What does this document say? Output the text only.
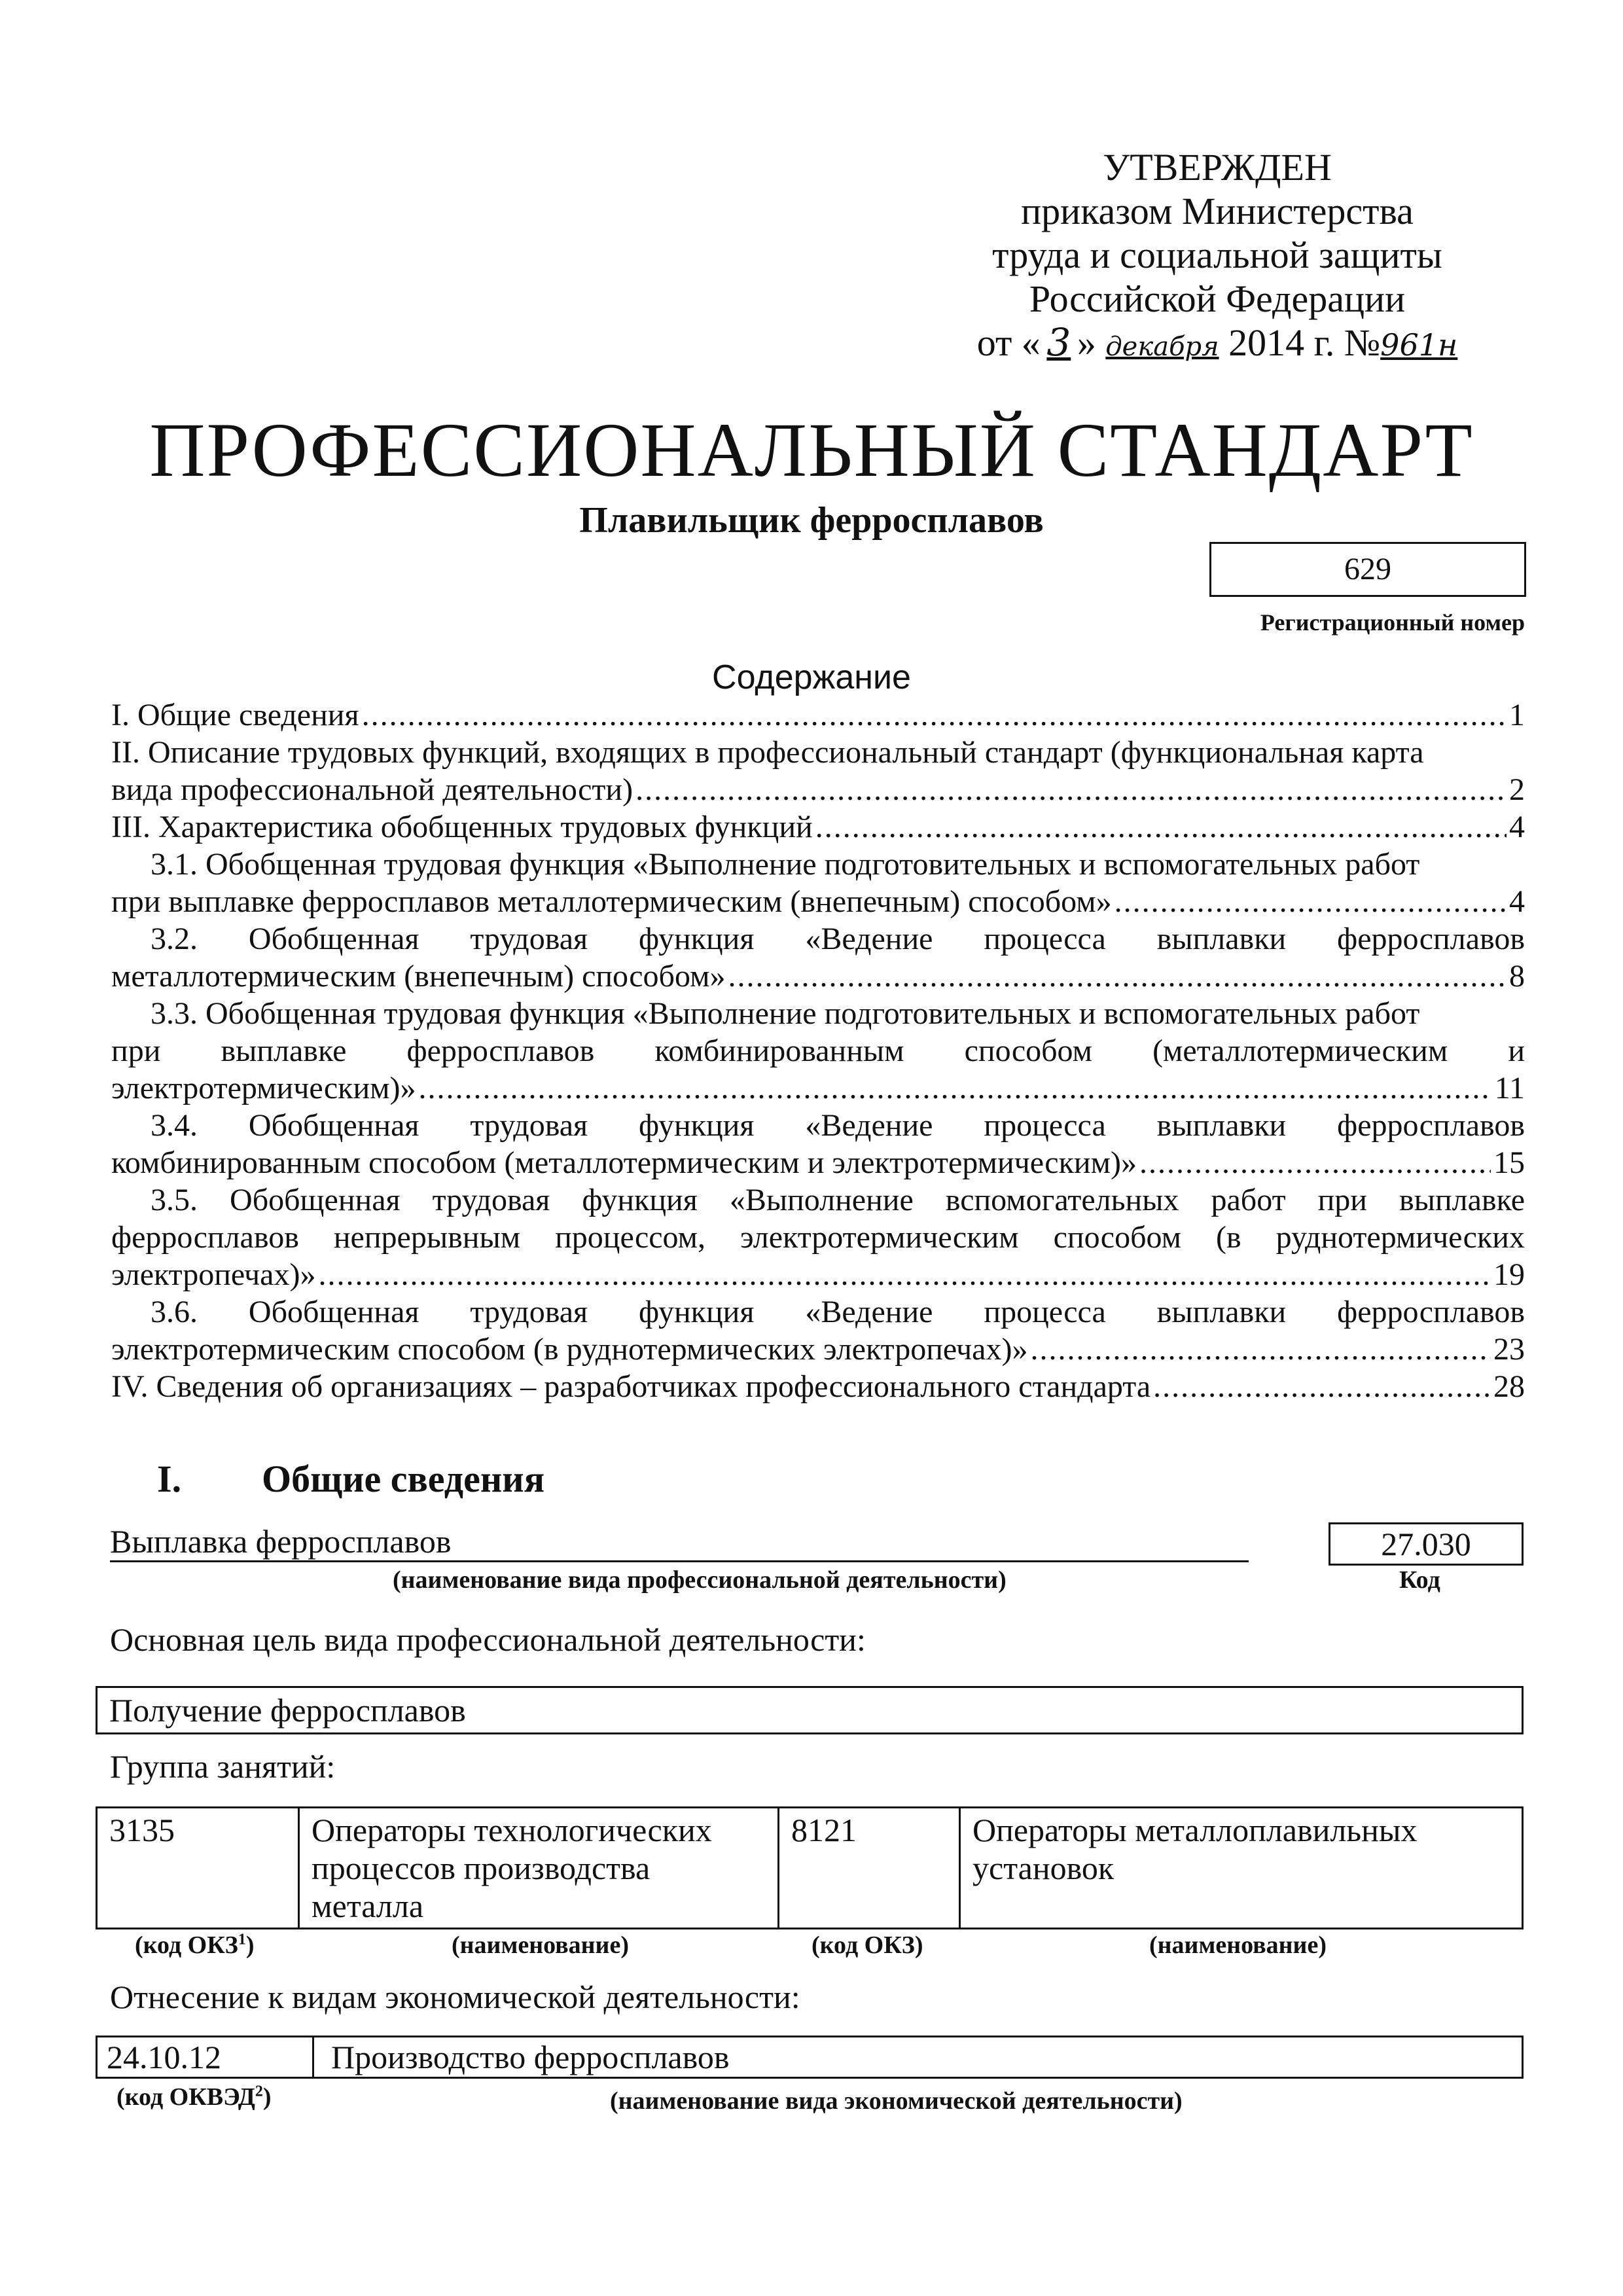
УТВЕРЖДЕН
приказом Министерства
труда и социальной защиты
Российской Федерации
от « 3 » декабря 2014 г. №961н
ПРОФЕССИОНАЛЬНЫЙ СТАНДАРТ
Плавильщик ферросплавов
629
Регистрационный номер
Содержание
I. Общие сведения .....	1
II. Описание трудовых функций, входящих в профессиональный стандарт (функциональная карта
вида профессиональной деятельности) .....	2
III. Характеристика обобщенных трудовых функций .....	4
3.1. Обобщенная трудовая функция «Выполнение подготовительных и вспомогательных работ
при выплавке ферросплавов металлотермическим (внепечным) способом» .....	4
3.2. Обобщенная трудовая функция «Ведение процесса выплавки ферросплавов
металлотермическим (внепечным) способом» .....	8
3.3. Обобщенная трудовая функция «Выполнение подготовительных и вспомогательных работ
при выплавке ферросплавов комбинированным способом (металлотермическим и
электротермическим)» .....	11
3.4. Обобщенная трудовая функция «Ведение процесса выплавки ферросплавов
комбинированным способом (металлотермическим и электротермическим)» .....	15
3.5. Обобщенная трудовая функция «Выполнение вспомогательных работ при выплавке
ферросплавов непрерывным процессом, электротермическим способом (в руднотермических
электропечах)» .....	19
3.6. Обобщенная трудовая функция «Ведение процесса выплавки ферросплавов
электротермическим способом (в руднотермических электропечах)» .....	23
IV. Сведения об организациях – разработчиках профессионального стандарта .....	28
I. Общие сведения
Выплавка ферросплавов
(наименование вида профессиональной деятельности)
27.030
Код
Основная цель вида профессиональной деятельности:
Получение ферросплавов
Группа занятий:
3135	Операторы технологических процессов производства металла	8121	Операторы металлоплавильных установок
(код ОКЗ$^1$)	(наименование)	(код ОКЗ)	(наименование)
Отнесение к видам экономической деятельности:
24.10.12	Производство ферросплавов
(код ОКВЭД$^2$)	(наименование вида экономической деятельности)
